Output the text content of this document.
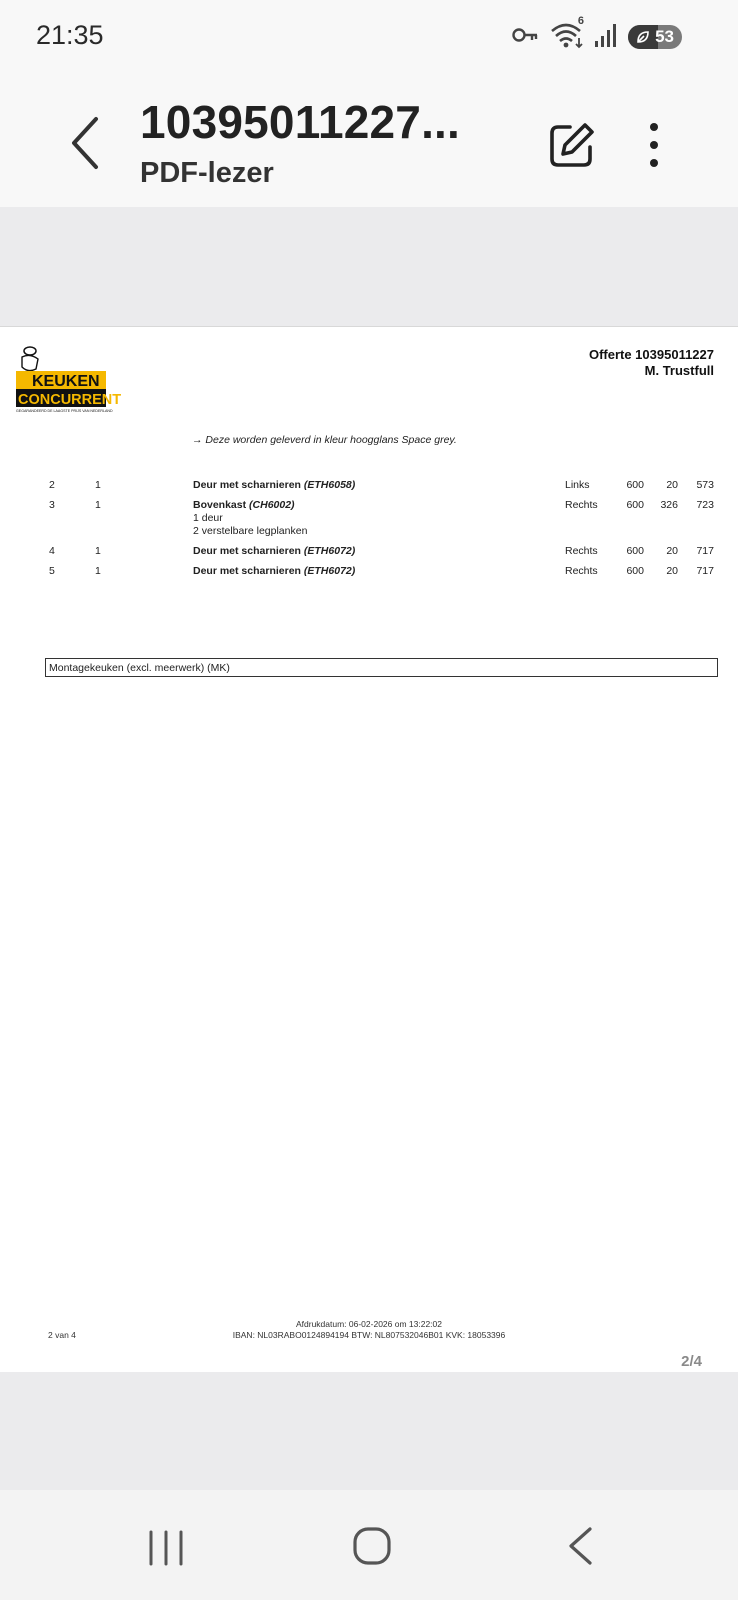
21:35	6
53
10395011227...
PDF-lezer
KEUKEN
CONCURRENT
GEGARANDEERD DE LAAGSTE PRIJS VAN NEDERLAND
Offerte 10395011227
M. Trustfull
→ Deze worden geleverd in kleur hoogglans Space grey.
2	1	Deur met scharnieren (ETH6058)	Links	600 20 573
3	1	Bovenkast (CH6002)
1 deur
2 verstelbare legplanken
Rechts	600 326 723
4	1	Deur met scharnieren (ETH6072)	Rechts	600 20 717
5	1	Deur met scharnieren (ETH6072)	Rechts	600 20 717
Montagekeuken (excl. meerwerk) (MK)
2 van 4
Afdrukdatum: 06-02-2026 om 13:22:02
IBAN: NL03RABO0124894194 BTW: NL807532046B01 KVK: 18053396
2/4
